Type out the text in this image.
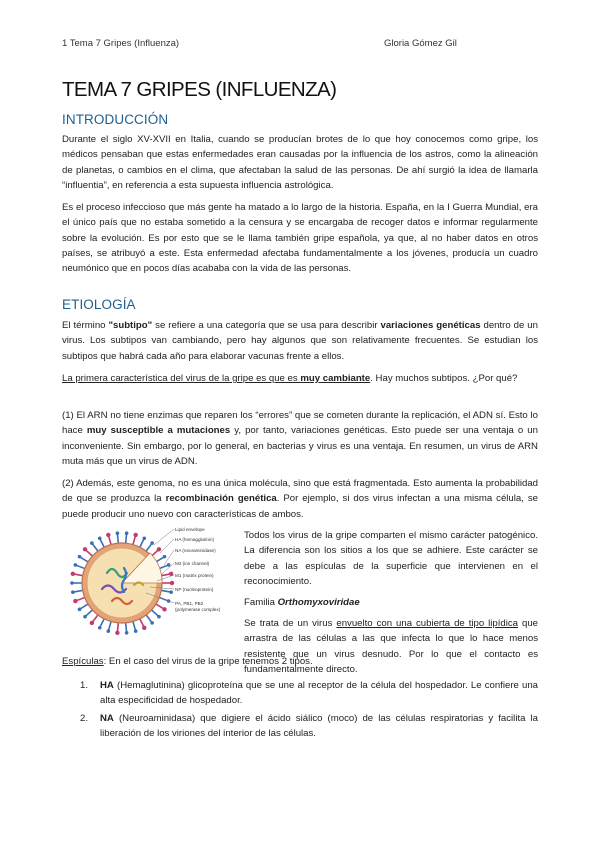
1 Tema 7 Gripes (Influenza)	Gloria Gómez Gil
TEMA 7 GRIPES (INFLUENZA)
INTRODUCCIÓN

Durante el siglo XV-XVII en Italia, cuando se producían brotes de lo que hoy conocemos como gripe, los médicos pensaban que estas enfermedades eran causadas por la influencia de los astros, como la alineación de planetas, o cambios en el clima, que afectaban la salud de las personas. De ahí surgió la idea de llamarla “influentia”, en referencia a esta supuesta influencia astrológica.

Es el proceso infeccioso que más gente ha matado a lo largo de la historia. España, en la I Guerra Mundial, era el único país que no estaba sometido a la censura y se encargaba de recoger datos e informar regularmente sobre la evolución. Es por esto que se le llama también gripe española, ya que, al no haber datos en otros países, se atribuyó a este. Esta enfermedad afectaba fundamentalmente a los jóvenes, producía un cuadro neumónico que en pocos días acababa con la vida de las personas.

ETIOLOGÍA

El término "subtipo" se refiere a una categoría que se usa para describir variaciones genéticas dentro de un virus. Los subtipos van cambiando, pero hay algunos que son relativamente frecuentes. Se estudian los subtipos que habrá cada año para elaborar vacunas frente a ellos.

La primera característica del virus de la gripe es que es muy cambiante. Hay muchos subtipos. ¿Por qué?

(1) El ARN no tiene enzimas que reparen los “errores” que se cometen durante la replicación, el ADN sí. Esto lo hace muy susceptible a mutaciones y, por tanto, variaciones genéticas. Esto puede ser una ventaja o un inconveniente. Sin embargo, por lo general, en bacterias y virus es una ventaja. En resumen, un virus de ARN muta más que un virus de ADN.

(2) Además, este genoma, no es una única molécula, sino que está fragmentada. Esto aumenta la probabilidad de que se produzca la recombinación genética. Por ejemplo, si dos virus infectan a una misma célula, se puede producir uno nuevo con características de ambos.

Lipid envelope
HA (hemagglutinin)
NA (neuraminidase)
M2 (ion channel)
M1 (matrix protein)
NP (nucleoprotein)
PA, PB1, PB2
(polymerase complex)

Todos los virus de la gripe comparten el mismo carácter patogénico. La diferencia son los sitios a los que se adhiere. Este carácter se debe a las espículas de la superficie que intervienen en el reconocimiento.

Familia Orthomyxoviridae

Se trata de un virus envuelto con una cubierta de tipo lipídica que arrastra de las células a las que infecta lo que lo hace menos resistente que un virus desnudo. Por lo que el contacto es fundamentalmente directo.

Espículas: En el caso del virus de la gripe tenemos 2 tipos.

1. HA (Hemaglutinina) glicoproteína que se une al receptor de la célula del hospedador. Le confiere una alta especificidad de hospedador.
2. NA (Neuroaminidasa) que digiere el ácido siálico (moco) de las células respiratorias y facilita la liberación de los viriones del interior de las células.
